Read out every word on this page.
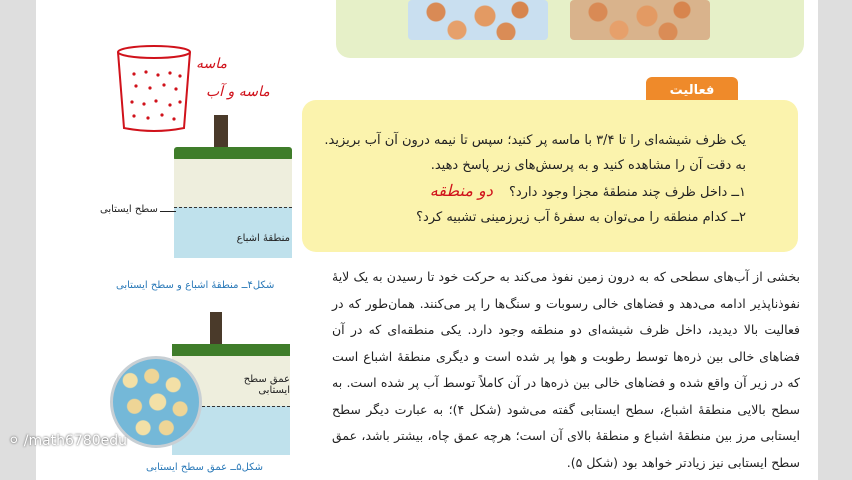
ماسه
ماسه و آب	فعالیت
یک ظرف شیشه‌ای را تا ۳/۴ با ماسه پر کنید؛ سپس تا نیمه درون آن آب بریزید.
به دقت آن را مشاهده کنید و به پرسش‌های زیر پاسخ دهید.
۱ــ داخل ظرف چند منطقهٔ مجزا وجود دارد؟ دو منطقه
۲ــ کدام منطقه را می‌توان به سفرهٔ آب زیرزمینی تشبیه کرد؟
منطقهٔ اشباع
سطح ایستابی
شکل۴ــ منطقهٔ اشباع و سطح ایستابی
عمق سطح ایستابی
شکل۵ــ عمق سطح ایستابی

بخشی از آب‌های سطحی که به درون زمین نفوذ می‌کند به حرکت خود تا رسیدن به یک لایهٔ نفوذناپذیر ادامه می‌دهد و فضاهای خالی رسوبات و سنگ‌ها را پر می‌کنند. همان‌طور که در فعالیت بالا دیدید، داخل ظرف شیشه‌ای دو منطقه وجود دارد. یکی منطقه‌ای که در آن فضاهای خالی بین ذره‌ها توسط رطوبت و هوا پر شده است و دیگری منطقهٔ اشباع است که در زیر آن واقع شده و فضاهای خالی بین ذره‌ها در آن کاملاً توسط آب پر شده است. به سطح بالایی منطقهٔ اشباع، سطح ایستابی گفته می‌شود (شکل ۴)؛ به عبارت دیگر سطح ایستابی مرز بین منطقهٔ اشباع و منطقهٔ بالای آن است؛ هرچه عمق چاه، بیشتر باشد، عمق سطح ایستابی نیز زیادتر خواهد بود (شکل ۵).

⚪ /math6780edu
